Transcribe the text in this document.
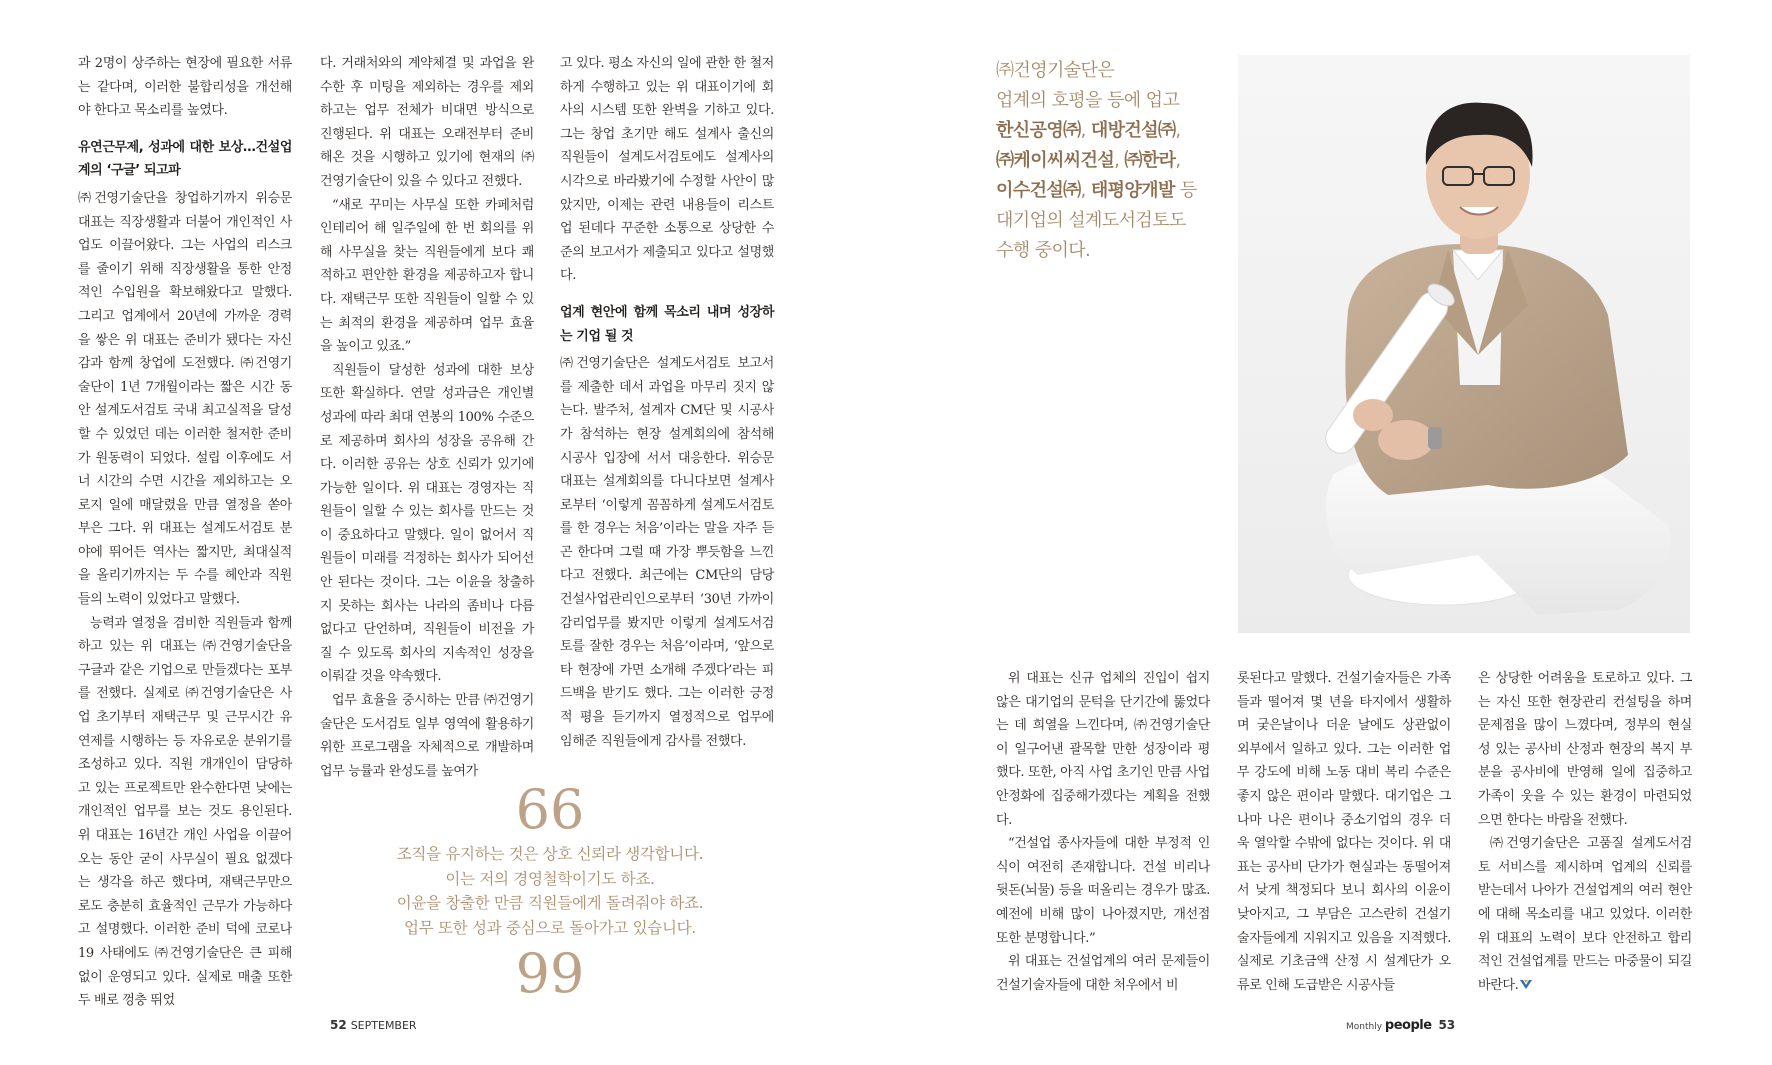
과 2명이 상주하는 현장에 필요한 서류는 같다며, 이러한 불합리성을 개선해야 한다고 목소리를 높였다.

유연근무제, 성과에 대한 보상…건설업계의 ‘구글’ 되고파

㈜건영기술단을 창업하기까지 위승문 대표는 직장생활과 더불어 개인적인 사업도 이끌어왔다. 그는 사업의 리스크를 줄이기 위해 직장생활을 통한 안정적인 수입원을 확보해왔다고 말했다. 그리고 업계에서 20년에 가까운 경력을 쌓은 위 대표는 준비가 됐다는 자신감과 함께 창업에 도전했다. ㈜건영기술단이 1년 7개월이라는 짧은 시간 동안 설계도서검토 국내 최고실적을 달성할 수 있었던 데는 이러한 철저한 준비가 원동력이 되었다. 설립 이후에도 서너 시간의 수면 시간을 제외하고는 오로지 일에 매달렸을 만큼 열정을 쏟아부은 그다. 위 대표는 설계도서검토 분야에 뛰어든 역사는 짧지만, 최대실적을 올리기까지는 두 수를 헤안과 직원들의 노력이 있었다고 말했다.

능력과 열정을 겸비한 직원들과 함께하고 있는 위 대표는 ㈜건영기술단을 구글과 같은 기업으로 만들겠다는 포부를 전했다. 실제로 ㈜건영기술단은 사업 초기부터 재택근무 및 근무시간 유연제를 시행하는 등 자유로운 분위기를 조성하고 있다. 직원 개개인이 담당하고 있는 프로젝트만 완수한다면 낮에는 개인적인 업무를 보는 것도 용인된다. 위 대표는 16년간 개인 사업을 이끌어오는 동안 굳이 사무실이 필요 없겠다는 생각을 하곤 했다며, 재택근무만으로도 충분히 효율적인 근무가 가능하다고 설명했다. 이러한 준비 덕에 코로나19 사태에도 ㈜건영기술단은 큰 피해 없이 운영되고 있다. 실제로 매출 또한 두 배로 껑충 뛰었

다. 거래처와의 계약체결 및 과업을 완수한 후 미팅을 제외하는 경우를 제외하고는 업무 전체가 비대면 방식으로 진행된다. 위 대표는 오래전부터 준비해온 것을 시행하고 있기에 현재의 ㈜건영기술단이 있을 수 있다고 전했다.

“새로 꾸미는 사무실 또한 카페처럼 인테리어 해 일주일에 한 번 회의를 위해 사무실을 찾는 직원들에게 보다 쾌적하고 편안한 환경을 제공하고자 합니다. 재택근무 또한 직원들이 일할 수 있는 최적의 환경을 제공하며 업무 효율을 높이고 있죠.”

직원들이 달성한 성과에 대한 보상 또한 확실하다. 연말 성과금은 개인별 성과에 따라 최대 연봉의 100% 수준으로 제공하며 회사의 성장을 공유해 간다. 이러한 공유는 상호 신뢰가 있기에 가능한 일이다. 위 대표는 경영자는 직원들이 일할 수 있는 회사를 만드는 것이 중요하다고 말했다. 일이 없어서 직원들이 미래를 걱정하는 회사가 되어선 안 된다는 것이다. 그는 이윤을 창출하지 못하는 회사는 나라의 좀비나 다름없다고 단언하며, 직원들이 비전을 가질 수 있도록 회사의 지속적인 성장을 이뤄갈 것을 약속했다.

업무 효율을 중시하는 만큼 ㈜건영기술단은 도서검토 일부 영역에 활용하기 위한 프로그램을 자체적으로 개발하며 업무 능률과 완성도를 높여가

고 있다. 평소 자신의 일에 관한 한 철저하게 수행하고 있는 위 대표이기에 회사의 시스템 또한 완벽을 기하고 있다. 그는 창업 초기만 해도 설계사 출신의 직원들이 설계도서검토에도 설계사의 시각으로 바라봤기에 수정할 사안이 많았지만, 이제는 관련 내용들이 리스트업 된데다 꾸준한 소통으로 상당한 수준의 보고서가 제출되고 있다고 설명했다.

업계 현안에 함께 목소리 내며 성장하는 기업 될 것

㈜건영기술단은 설계도서검토 보고서를 제출한 데서 과업을 마무리 짓지 않는다. 발주처, 설계자 CM단 및 시공사가 참석하는 현장 설계회의에 참석해 시공사 입장에 서서 대응한다. 위승문 대표는 설계회의를 다니다보면 설계사로부터 ‘이렇게 꼼꼼하게 설계도서검토를 한 경우는 처음’이라는 말을 자주 듣곤 한다며 그럴 때 가장 뿌듯함을 느낀다고 전했다. 최근에는 CM단의 담당 건설사업관리인으로부터 ‘30년 가까이 감리업무를 봤지만 이렇게 설계도서검토를 잘한 경우는 처음’이라며, ‘앞으로 타 현장에 가면 소개해 주겠다’라는 피드백을 받기도 했다. 그는 이러한 긍정적 평을 듣기까지 열정적으로 업무에 임해준 직원들에게 감사를 전했다.

66
조직을 유지하는 것은 상호 신뢰라 생각합니다.
이는 저의 경영철학이기도 하죠.
이윤을 창출한 만큼 직원들에게 돌려줘야 하죠.
업무 또한 성과 중심으로 돌아가고 있습니다.
99
52 SEPTEMBER
㈜건영기술단은
업계의 호평을 등에 업고
한신공영㈜, 대방건설㈜,
㈜케이씨씨건설, ㈜한라,
이수건설㈜, 태평양개발 등
대기업의 설계도서검토도
수행 중이다.

위 대표는 신규 업체의 진입이 쉽지 않은 대기업의 문턱을 단기간에 뚫었다는 데 희열을 느낀다며, ㈜건영기술단이 일구어낸 괄목할 만한 성장이라 평했다. 또한, 아직 사업 초기인 만큼 사업 안정화에 집중해가겠다는 계획을 전했다.

“건설업 종사자들에 대한 부정적 인식이 여전히 존재합니다. 건설 비리나 뒷돈(뇌물) 등을 떠올리는 경우가 많죠. 예전에 비해 많이 나아졌지만, 개선점 또한 분명합니다.”

위 대표는 건설업계의 여러 문제들이 건설기술자들에 대한 처우에서 비

롯된다고 말했다. 건설기술자들은 가족들과 떨어져 몇 년을 타지에서 생활하며 궂은날이나 더운 날에도 상관없이 외부에서 일하고 있다. 그는 이러한 업무 강도에 비해 노동 대비 복리 수준은 좋지 않은 편이라 말했다. 대기업은 그나마 나은 편이나 중소기업의 경우 더욱 열악할 수밖에 없다는 것이다. 위 대표는 공사비 단가가 현실과는 동떨어져서 낮게 책정되다 보니 회사의 이윤이 낮아지고, 그 부담은 고스란히 건설기술자들에게 지워지고 있음을 지적했다. 실제로 기초금액 산정 시 설계단가 오류로 인해 도급받은 시공사들

은 상당한 어려움을 토로하고 있다. 그는 자신 또한 현장관리 컨설팅을 하며 문제점을 많이 느꼈다며, 정부의 현실성 있는 공사비 산정과 현장의 복지 부분을 공사비에 반영해 일에 집중하고 가족이 웃을 수 있는 환경이 마련되었으면 한다는 바람을 전했다.

㈜건영기술단은 고품질 설계도서검토 서비스를 제시하며 업계의 신뢰를 받는데서 나아가 건설업계의 여러 현안에 대해 목소리를 내고 있었다. 이러한 위 대표의 노력이 보다 안전하고 합리적인 건설업계를 만드는 마중물이 되길 바란다.

Monthly people 53
